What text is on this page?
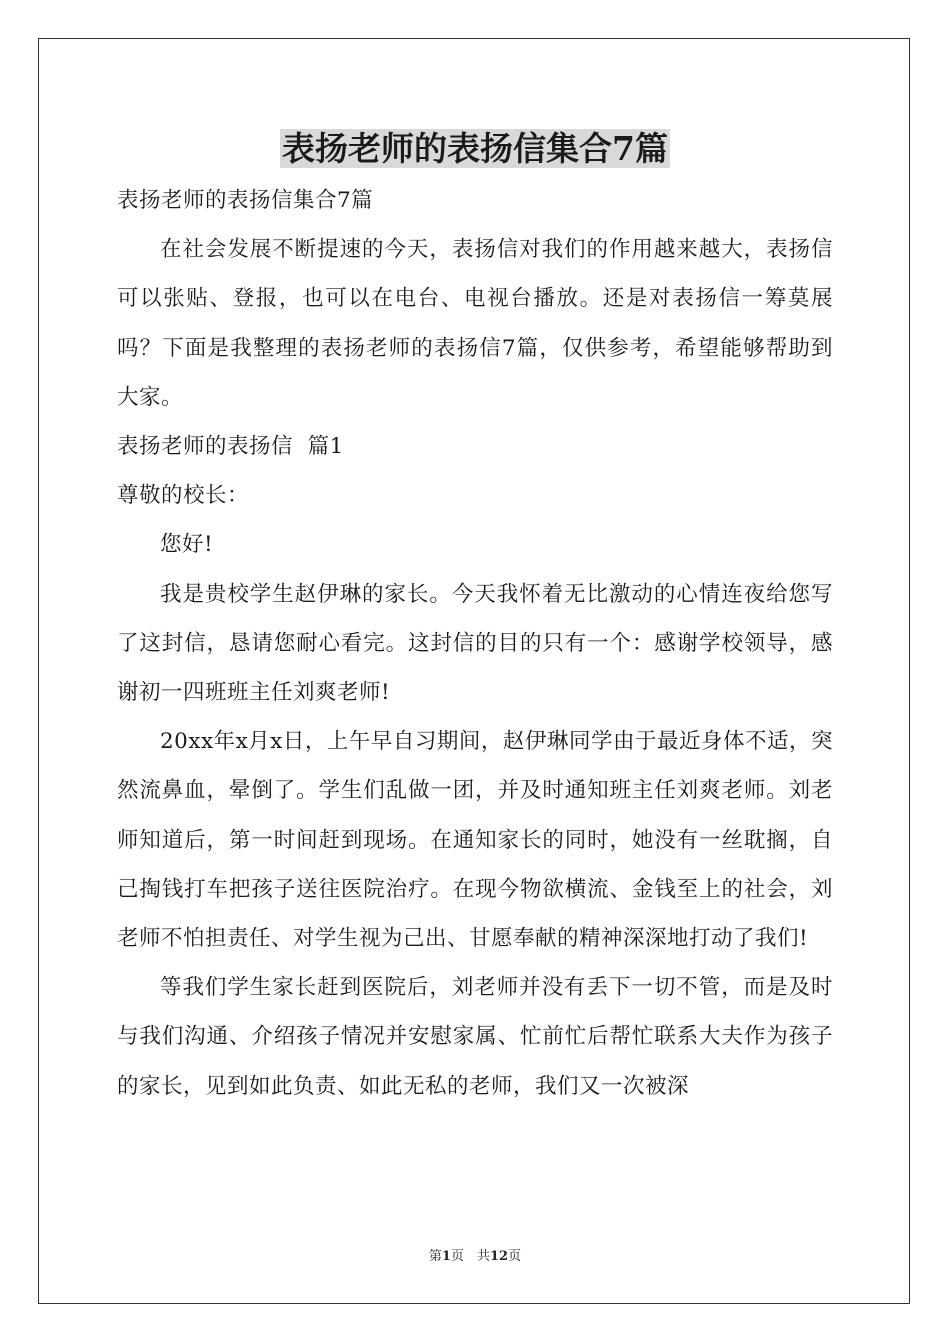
表扬老师的表扬信集合7篇

表扬老师的表扬信集合7篇

在社会发展不断提速的今天，表扬信对我们的作用越来越大，表扬信可以张贴、登报，也可以在电台、电视台播放。还是对表扬信一筹莫展吗？下面是我整理的表扬老师的表扬信7篇，仅供参考，希望能够帮助到大家。

表扬老师的表扬信  篇1

尊敬的校长：

您好!

我是贵校学生赵伊琳的家长。今天我怀着无比激动的心情连夜给您写了这封信，恳请您耐心看完。这封信的目的只有一个：感谢学校领导，感谢初一四班班主任刘爽老师!

20xx年x月x日，上午早自习期间，赵伊琳同学由于最近身体不适，突然流鼻血，晕倒了。学生们乱做一团，并及时通知班主任刘爽老师。刘老师知道后，第一时间赶到现场。在通知家长的同时，她没有一丝耽搁，自己掏钱打车把孩子送往医院治疗。在现今物欲横流、金钱至上的社会，刘老师不怕担责任、对学生视为己出、甘愿奉献的精神深深地打动了我们!

等我们学生家长赶到医院后，刘老师并没有丢下一切不管，而是及时与我们沟通、介绍孩子情况并安慰家属、忙前忙后帮忙联系大夫作为孩子的家长，见到如此负责、如此无私的老师，我们又一次被深

第1页　共12页
